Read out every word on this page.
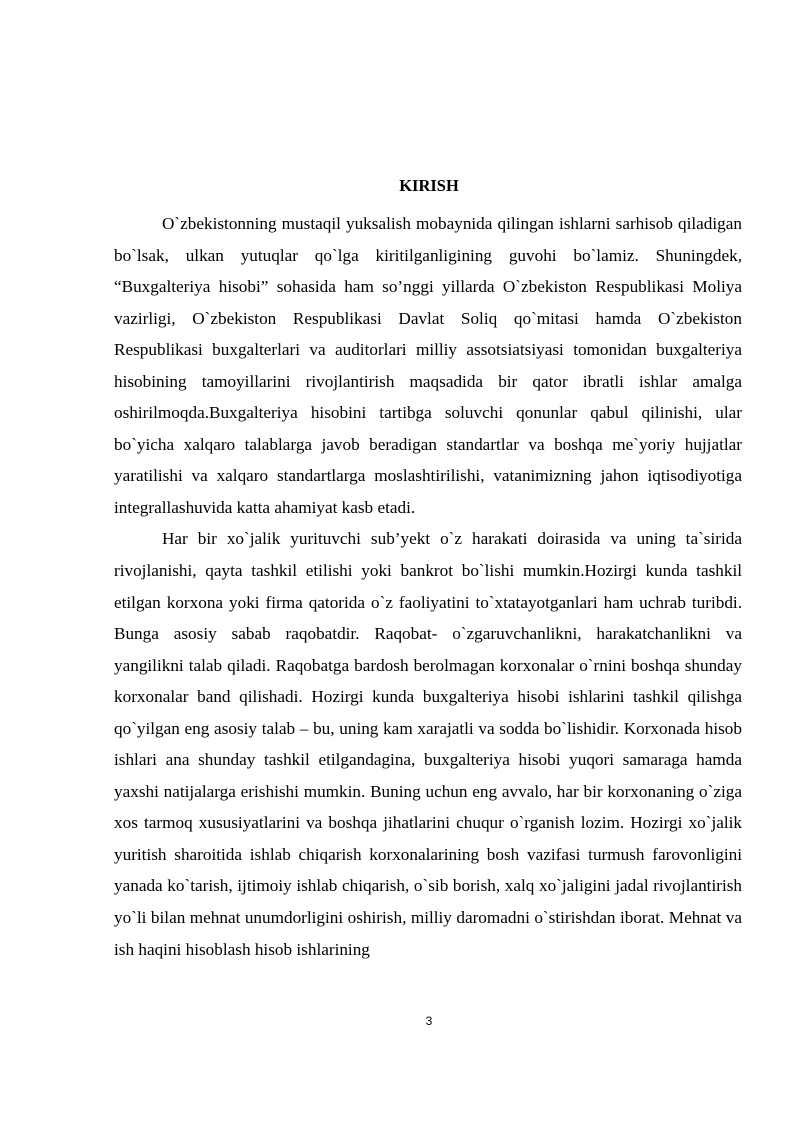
KIRISH

O`zbekistonning mustaqil yuksalish mobaynida qilingan ishlarni sarhisob qiladigan bo`lsak, ulkan yutuqlar qo`lga kiritilganligining guvohi bo`lamiz. Shuningdek, “Buxgalteriya hisobi” sohasida ham so’nggi yillarda O`zbekiston Respublikasi Moliya vazirligi, O`zbekiston Respublikasi Davlat Soliq qo`mitasi hamda O`zbekiston Respublikasi buxgalterlari va auditorlari milliy assotsiatsiyasi tomonidan buxgalteriya hisobining tamoyillarini rivojlantirish maqsadida bir qator ibratli ishlar amalga oshirilmoqda.Buxgalteriya hisobini tartibga soluvchi qonunlar qabul qilinishi, ular bo`yicha xalqaro talablarga javob beradigan standartlar va boshqa me`yoriy hujjatlar yaratilishi va xalqaro standartlarga moslashtirilishi, vatanimizning jahon iqtisodiyotiga integrallashuvida katta ahamiyat kasb etadi.

Har bir xo`jalik yurituvchi sub’yekt o`z harakati doirasida va uning ta`sirida rivojlanishi, qayta tashkil etilishi yoki bankrot bo`lishi mumkin.Hozirgi kunda tashkil etilgan korxona yoki firma qatorida o`z faoliyatini to`xtatayotganlari ham uchrab turibdi. Bunga asosiy sabab raqobatdir. Raqobat- o`zgaruvchanlikni, harakatchanlikni va yangilikni talab qiladi. Raqobatga bardosh berolmagan korxonalar o`rnini boshqa shunday korxonalar band qilishadi. Hozirgi kunda buxgalteriya hisobi ishlarini tashkil qilishga qo`yilgan eng asosiy talab – bu, uning kam xarajatli va sodda bo`lishidir. Korxonada hisob ishlari ana shunday tashkil etilgandagina, buxgalteriya hisobi yuqori samaraga hamda yaxshi natijalarga erishishi mumkin. Buning uchun eng avvalo, har bir korxonaning o`ziga xos tarmoq xususiyatlarini va boshqa jihatlarini chuqur o`rganish lozim. Hozirgi xo`jalik yuritish sharoitida ishlab chiqarish korxonalarining bosh vazifasi turmush farovonligini yanada ko`tarish, ijtimoiy ishlab chiqarish, o`sib borish, xalq xo`jaligini jadal rivojlantirish yo`li bilan mehnat unumdorligini oshirish, milliy daromadni o`stirishdan iborat. Mehnat va ish haqini hisoblash hisob ishlarining

3
